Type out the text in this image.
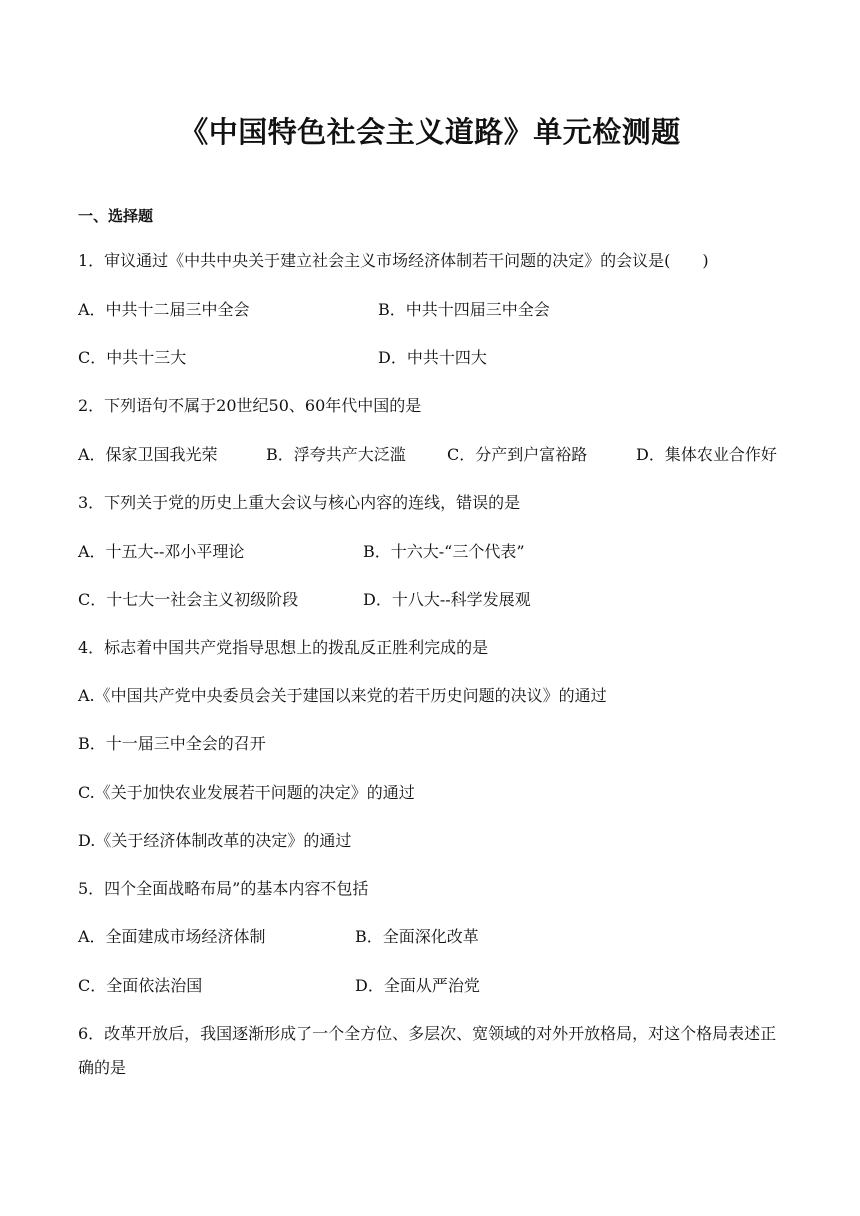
《中国特色社会主义道路》单元检测题
一、选择题
1．审议通过《中共中央关于建立社会主义市场经济体制若干问题的决定》的会议是(　　)
A．中共十二届三中全会	B．中共十四届三中全会
C．中共十三大	D．中共十四大
2．下列语句不属于20世纪50、60年代中国的是
A．保家卫国我光荣	B．浮夸共产大泛滥	C．分产到户富裕路	D．集体农业合作好
3．下列关于党的历史上重大会议与核心内容的连线，错误的是
A．十五大--邓小平理论	B．十六大-“三个代表”
C．十七大一社会主义初级阶段	D．十八大--科学发展观
4．标志着中国共产党指导思想上的拨乱反正胜利完成的是
A.《中国共产党中央委员会关于建国以来党的若干历史问题的决议》的通过
B．十一届三中全会的召开
C.《关于加快农业发展若干问题的决定》的通过
D.《关于经济体制改革的决定》的通过
5．四个全面战略布局”的基本内容不包括
A．全面建成市场经济体制	B．全面深化改革
C．全面依法治国	D．全面从严治党
6．改革开放后，我国逐渐形成了一个全方位、多层次、宽领域的对外开放格局，对这个格局表述正确的是
